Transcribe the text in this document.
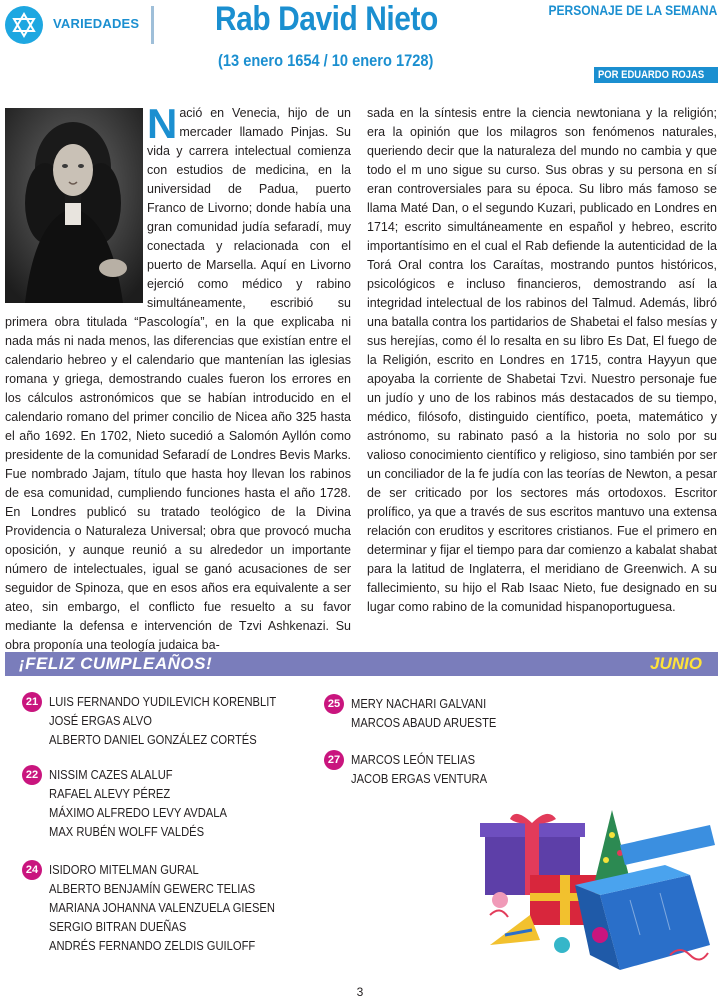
VARIEDADES Rab David Nieto
(13 enero 1654 / 10 enero 1728)
PERSONAJE DE LA SEMANA
POR EDUARDO ROJAS
N ació en Venecia, hijo de un mercader llamado Pinjas. Su vida y carrera intelectual comienza con estudios de medicina, en la universidad de Padua, puerto Franco de Livorno; donde había una gran comunidad judía sefaradí, muy conectada y relacionada con el puerto de Marsella. Aquí en Livorno ejerció como médico y rabino simultáneamente, escribió su primera obra titulada “Pascología”, en la que explicaba ni nada más ni nada menos, las diferencias que existían entre el calendario hebreo y el calendario que mantenían las iglesias romana y griega, demostrando cuales fueron los errores en los cálculos astronómicos que se habían introducido en el calendario romano del primer concilio de Nicea año 325 hasta el año 1692. En 1702, Nieto sucedió a Salomón Ayllón como presidente de la comunidad Sefaradí de Londres Bevis Marks. Fue nombrado Jajam, título que hasta hoy llevan los rabinos de esa comunidad, cumpliendo funciones hasta el año 1728. En Londres publicó su tratado teológico de la Divina Providencia o Naturaleza Universal; obra que provocó mucha oposición, y aunque reunió a su alrededor un importante número de intelectuales, igual se ganó acusaciones de ser seguidor de Spinoza, que en esos años era equivalente a ser ateo, sin embargo, el conflicto fue resuelto a su favor mediante la defensa e intervención de Tzvi Ashkenazi. Su obra proponía una teología judaica ba-
sada en la síntesis entre la ciencia newtoniana y la religión; era la opinión que los milagros son fenómenos naturales, queriendo decir que la naturaleza del mundo no cambia y que todo el m uno sigue su curso. Sus obras y su persona en sí eran controversiales para su época. Su libro más famoso se llama Maté Dan, o el segundo Kuzari, publicado en Londres en 1714; escrito simultáneamente en español y hebreo, escrito importantísimo en el cual el Rab defiende la autenticidad de la Torá Oral contra los Caraítas, mostrando puntos históricos, psicológicos e incluso financieros, demostrando así la integridad intelectual de los rabinos del Talmud. Además, libró una batalla contra los partidarios de Shabetai el falso mesías y sus herejías, como él lo resalta en su libro Es Dat, El fuego de la Religión, escrito en Londres en 1715, contra Hayyun que apoyaba la corriente de Shabetai Tzvi. Nuestro personaje fue un judío y uno de los rabinos más destacados de su tiempo, médico, filósofo, distinguido científico, poeta, matemático y astrónomo, su rabinato pasó a la historia no solo por su valioso conocimiento científico y religioso, sino también por ser un conciliador de la fe judía con las teorías de Newton, a pesar de ser criticado por los sectores más ortodoxos. Escritor prolífico, ya que a través de sus escritos mantuvo una extensa relación con eruditos y escritores cristianos. Fue el primero en determinar y fijar el tiempo para dar comienzo a kabalat shabat para la latitud de Inglaterra, el meridiano de Greenwich. A su fallecimiento, su hijo el Rab Isaac Nieto, fue designado en su lugar como rabino de la comunidad hispanoportuguesa.
¡FELIZ CUMPLEAÑOS!	JUNIO
21 LUIS FERNANDO YUDILEVICH KORENBLIT
JOSÉ ERGAS ALVO
ALBERTO DANIEL GONZÁLEZ CORTÉS
22 NISSIM CAZES ALALUF
RAFAEL ALEVY PÉREZ
MÁXIMO ALFREDO LEVY AVDALA
MAX RUBÉN WOLFF VALDÉS
24 ISIDORO MITELMAN GURAL
ALBERTO BENJAMÍN GEWERC TELIAS
MARIANA JOHANNA VALENZUELA GIESEN
SERGIO BITRAN DUEÑAS
ANDRÉS FERNANDO ZELDIS GUILOFF
25 MERY NACHARI GALVANI
MARCOS ABAUD ARUESTE
27 MARCOS LEÓN TELIAS
JACOB ERGAS VENTURA
3
